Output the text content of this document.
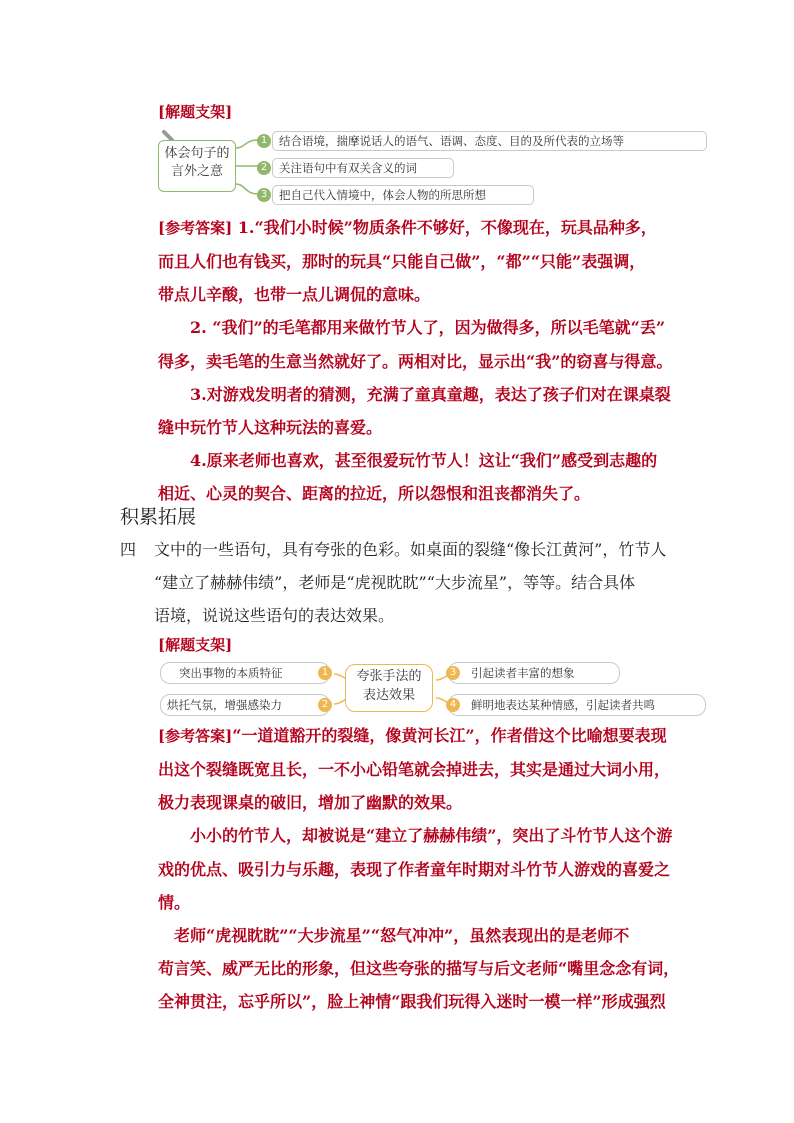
[解题支架]
体会句子的
言外之意
1	结合语境，揣摩说话人的语气、语调、态度、目的及所代表的立场等
2	关注语句中有双关含义的词
3	把自己代入情境中，体会人物的所思所想
[参考答案] 1.“我们小时候”物质条件不够好，不像现在，玩具品种多，
而且人们也有钱买，那时的玩具“只能自己做”，“都”“只能”表强调，
带点儿辛酸，也带一点儿调侃的意味。
2. “我们”的毛笔都用来做竹节人了，因为做得多，所以毛笔就“丢”
得多，卖毛笔的生意当然就好了。两相对比，显示出“我”的窃喜与得意。
3.对游戏发明者的猜测，充满了童真童趣，表达了孩子们对在课桌裂
缝中玩竹节人这种玩法的喜爱。
4.原来老师也喜欢，甚至很爱玩竹节人！这让“我们”感受到志趣的
相近、心灵的契合、距离的拉近，所以怨恨和沮丧都消失了。
积累拓展
四 文中的一些语句，具有夸张的色彩。如桌面的裂缝“像长江黄河”，竹节人
“建立了赫赫伟绩”，老师是“虎视眈眈”“大步流星”，等等。结合具体
语境，说说这些语句的表达效果。
[解题支架]
夸张手法的
表达效果
突出事物的本质特征	1
烘托气氛，增强感染力	2
引起读者丰富的想象
3
鲜明地表达某种情感，引起读者共鸣
4
[参考答案]“一道道豁开的裂缝，像黄河长江”，作者借这个比喻想要表现
出这个裂缝既宽且长，一不小心铅笔就会掉进去，其实是通过大词小用，
极力表现课桌的破旧，增加了幽默的效果。
小小的竹节人，却被说是“建立了赫赫伟绩”，突出了斗竹节人这个游
戏的优点、吸引力与乐趣，表现了作者童年时期对斗竹节人游戏的喜爱之
情。
老师“虎视眈眈”“大步流星”“怒气冲冲”，虽然表现出的是老师不
苟言笑、威严无比的形象，但这些夸张的描写与后文老师“嘴里念念有词，
全神贯注，忘乎所以”，脸上神情“跟我们玩得入迷时一模一样”形成强烈
